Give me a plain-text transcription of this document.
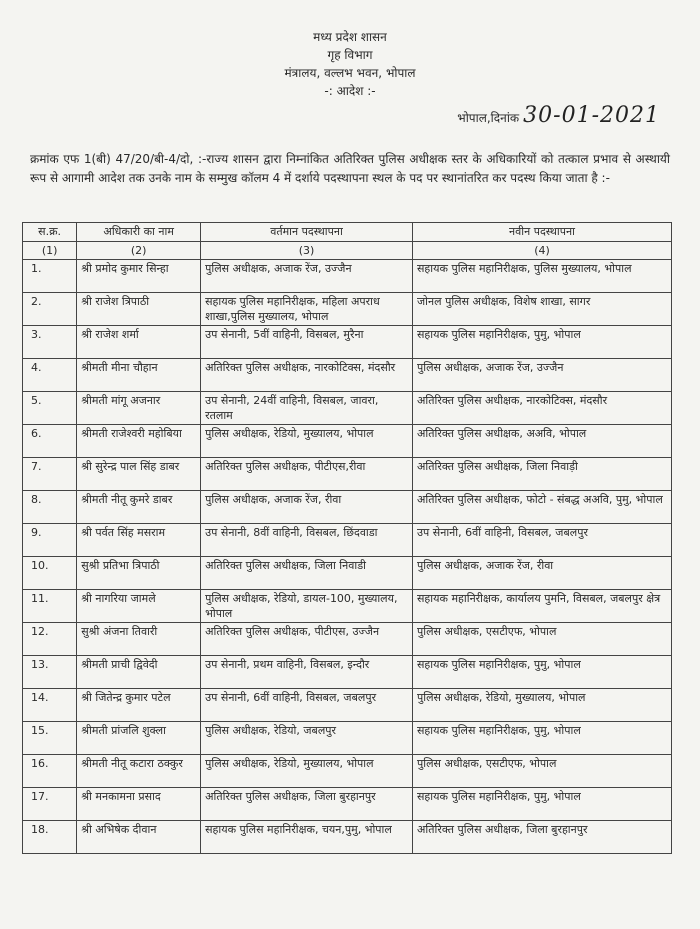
मध्य प्रदेश शासन
गृह विभाग
मंत्रालय, वल्लभ भवन, भोपाल
-: आदेश :-
भोपाल,दिनांक 30-01-2021
क्रमांक एफ 1(बी) 47/20/बी-4/दो, :-राज्य शासन द्वारा निम्नांकित अतिरिक्त पुलिस अधीक्षक स्तर के अधिकारियों को तत्काल प्रभाव से अस्थायी रूप से आगामी आदेश तक उनके नाम के सम्मुख कॉलम 4 में दर्शाये पदस्थापना स्थल के पद पर स्थानांतरित कर पदस्थ किया जाता है :-
स.क्र.	अधिकारी का नाम	वर्तमान पदस्थापना	नवीन पदस्थापना
(1)	(2)	(3)	(4)
1.	श्री प्रमोद कुमार सिन्हा	पुलिस अधीक्षक, अजाक रेंज, उज्जैन	सहायक पुलिस महानिरीक्षक, पुलिस मुख्यालय, भोपाल
2.	श्री राजेश त्रिपाठी	सहायक पुलिस महानिरीक्षक, महिला अपराध शाखा,पुलिस मुख्यालय, भोपाल	जोनल पुलिस अधीक्षक, विशेष शाखा, सागर
3.	श्री राजेश शर्मा	उप सेनानी, 5वीं वाहिनी, विसबल, मुरैना	सहायक पुलिस महानिरीक्षक, पुमु, भोपाल
4.	श्रीमती मीना चौहान	अतिरिक्त पुलिस अधीक्षक, नारकोटिक्स, मंदसौर	पुलिस अधीक्षक, अजाक रेंज, उज्जैन
5.	श्रीमती मांगू अजनार	उप सेनानी, 24वीं वाहिनी, विसबल, जावरा, रतलाम	अतिरिक्त पुलिस अधीक्षक, नारकोटिक्स, मंदसौर
6.	श्रीमती राजेश्वरी महोबिया	पुलिस अधीक्षक, रेडियो, मुख्यालय, भोपाल	अतिरिक्त पुलिस अधीक्षक, अअवि, भोपाल
7.	श्री सुरेन्द्र पाल सिंह डाबर	अतिरिक्त पुलिस अधीक्षक, पीटीएस,रीवा	अतिरिक्त पुलिस अधीक्षक, जिला निवाड़ी
8.	श्रीमती नीतू कुमरे डाबर	पुलिस अधीक्षक, अजाक रेंज, रीवा	अतिरिक्त पुलिस अधीक्षक, फोटो - संबद्ध अअवि, पुमु, भोपाल
9.	श्री पर्वत सिंह मसराम	उप सेनानी, 8वीं वाहिनी, विसबल, छिंदवाडा	उप सेनानी, 6वीं वाहिनी, विसबल, जबलपुर
10.	सुश्री प्रतिभा त्रिपाठी	अतिरिक्त पुलिस अधीक्षक, जिला निवाडी	पुलिस अधीक्षक, अजाक रेंज, रीवा
11.	श्री नागरिया जामले	पुलिस अधीक्षक, रेडियो, डायल-100, मुख्यालय, भोपाल	सहायक महानिरीक्षक, कार्यालय पुमनि, विसबल, जबलपुर क्षेत्र
12.	सुश्री अंजना तिवारी	अतिरिक्त पुलिस अधीक्षक, पीटीएस, उज्जैन	पुलिस अधीक्षक, एसटीएफ, भोपाल
13.	श्रीमती प्राची द्विवेदी	उप सेनानी, प्रथम वाहिनी, विसबल, इन्दौर	सहायक पुलिस महानिरीक्षक, पुमु, भोपाल
14.	श्री जितेन्द्र कुमार पटेल	उप सेनानी, 6वीं वाहिनी, विसबल, जबलपुर	पुलिस अधीक्षक, रेडियो, मुख्यालय, भोपाल
15.	श्रीमती प्रांजलि शुक्ला	पुलिस अधीक्षक, रेडियो, जबलपुर	सहायक पुलिस महानिरीक्षक, पुमु, भोपाल
16.	श्रीमती नीतू कटारा ठक्कुर	पुलिस अधीक्षक, रेडियो, मुख्यालय, भोपाल	पुलिस अधीक्षक, एसटीएफ, भोपाल
17.	श्री मनकामना प्रसाद	अतिरिक्त पुलिस अधीक्षक, जिला बुरहानपुर	सहायक पुलिस महानिरीक्षक, पुमु, भोपाल
18.	श्री अभिषेक दीवान	सहायक पुलिस महानिरीक्षक, चयन,पुमु, भोपाल	अतिरिक्त पुलिस अधीक्षक, जिला बुरहानपुर
